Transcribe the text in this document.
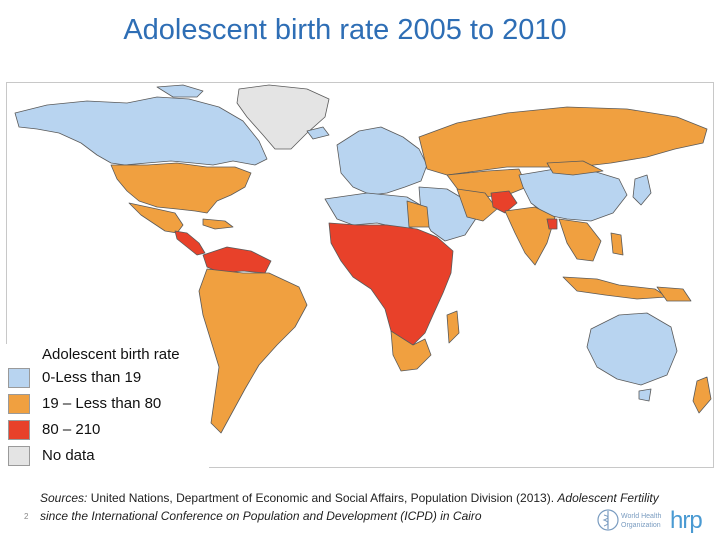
Adolescent birth rate 2005 to 2010
Adolescent birth rate
0-Less than 19
19 – Less than 80
80 – 210
No data
2
Sources: United Nations, Department of Economic and Social Affairs, Population Division (2013). Adolescent Fertility since the International Conference on Population and Development (ICPD) in Cairo	World Health
Organization hrp
